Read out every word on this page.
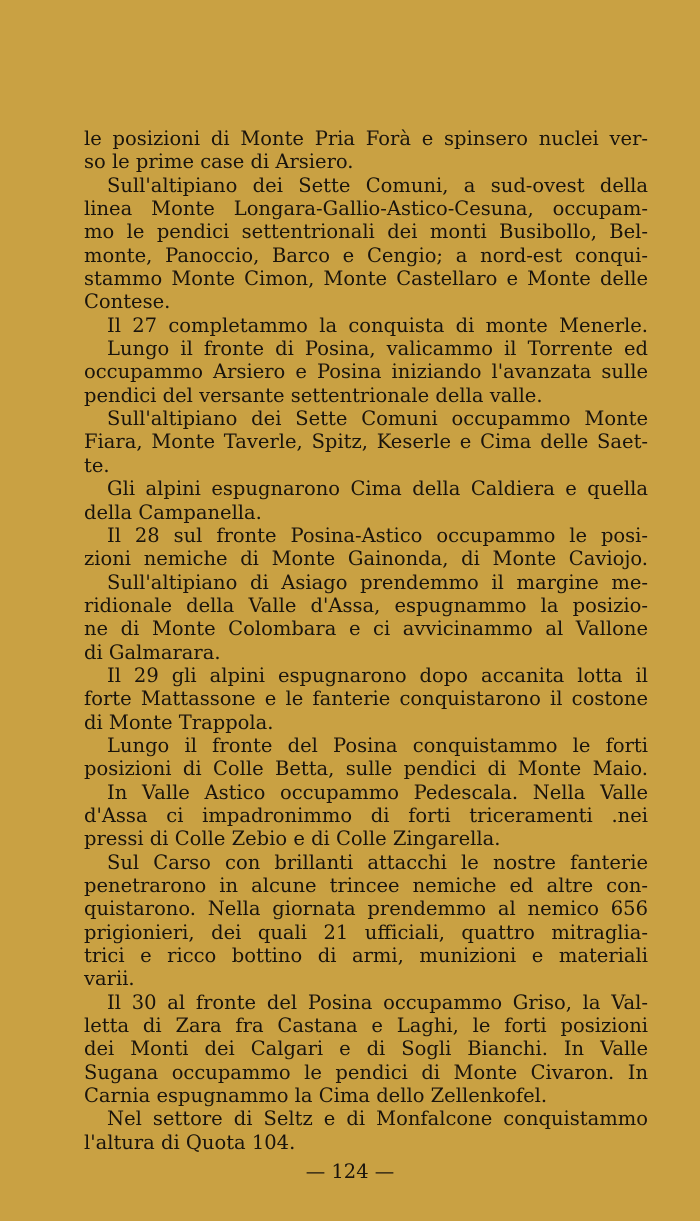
le posizioni di Monte Pria Forà e spinsero nuclei ver-
so le prime case di Arsiero.
Sull'altipiano dei Sette Comuni, a sud-ovest della
linea Monte Longara-Gallio-Astico-Cesuna, occupam-
mo le pendici settentrionali dei monti Busibollo, Bel-
monte, Panoccio, Barco e Cengio; a nord-est conqui-
stammo Monte Cimon, Monte Castellaro e Monte delle
Contese.
Il 27 completammo la conquista di monte Menerle.
Lungo il fronte di Posina, valicammo il Torrente ed
occupammo Arsiero e Posina iniziando l'avanzata sulle
pendici del versante settentrionale della valle.
Sull'altipiano dei Sette Comuni occupammo Monte
Fiara, Monte Taverle, Spitz, Keserle e Cima delle Saet-
te.
Gli alpini espugnarono Cima della Caldiera e quella
della Campanella.
Il 28 sul fronte Posina-Astico occupammo le posi-
zioni nemiche di Monte Gainonda, di Monte Caviojo.
Sull'altipiano di Asiago prendemmo il margine me-
ridionale della Valle d'Assa, espugnammo la posizio-
ne di Monte Colombara e ci avvicinammo al Vallone
di Galmarara.
Il 29 gli alpini espugnarono dopo accanita lotta il
forte Mattassone e le fanterie conquistarono il costone
di Monte Trappola.
Lungo il fronte del Posina conquistammo le forti
posizioni di Colle Betta, sulle pendici di Monte Maio.
In Valle Astico occupammo Pedescala. Nella Valle
d'Assa ci impadronimmo di forti triceramenti .nei
pressi di Colle Zebio e di Colle Zingarella.
Sul Carso con brillanti attacchi le nostre fanterie
penetrarono in alcune trincee nemiche ed altre con-
quistarono. Nella giornata prendemmo al nemico 656
prigionieri, dei quali 21 ufficiali, quattro mitraglia-
trici e ricco bottino di armi, munizioni e materiali
varii.
Il 30 al fronte del Posina occupammo Griso, la Val-
letta di Zara fra Castana e Laghi, le forti posizioni
dei Monti dei Calgari e di Sogli Bianchi. In Valle
Sugana occupammo le pendici di Monte Civaron. In
Carnia espugnammo la Cima dello Zellenkofel.
Nel settore di Seltz e di Monfalcone conquistammo
l'altura di Quota 104.
— 124 —
